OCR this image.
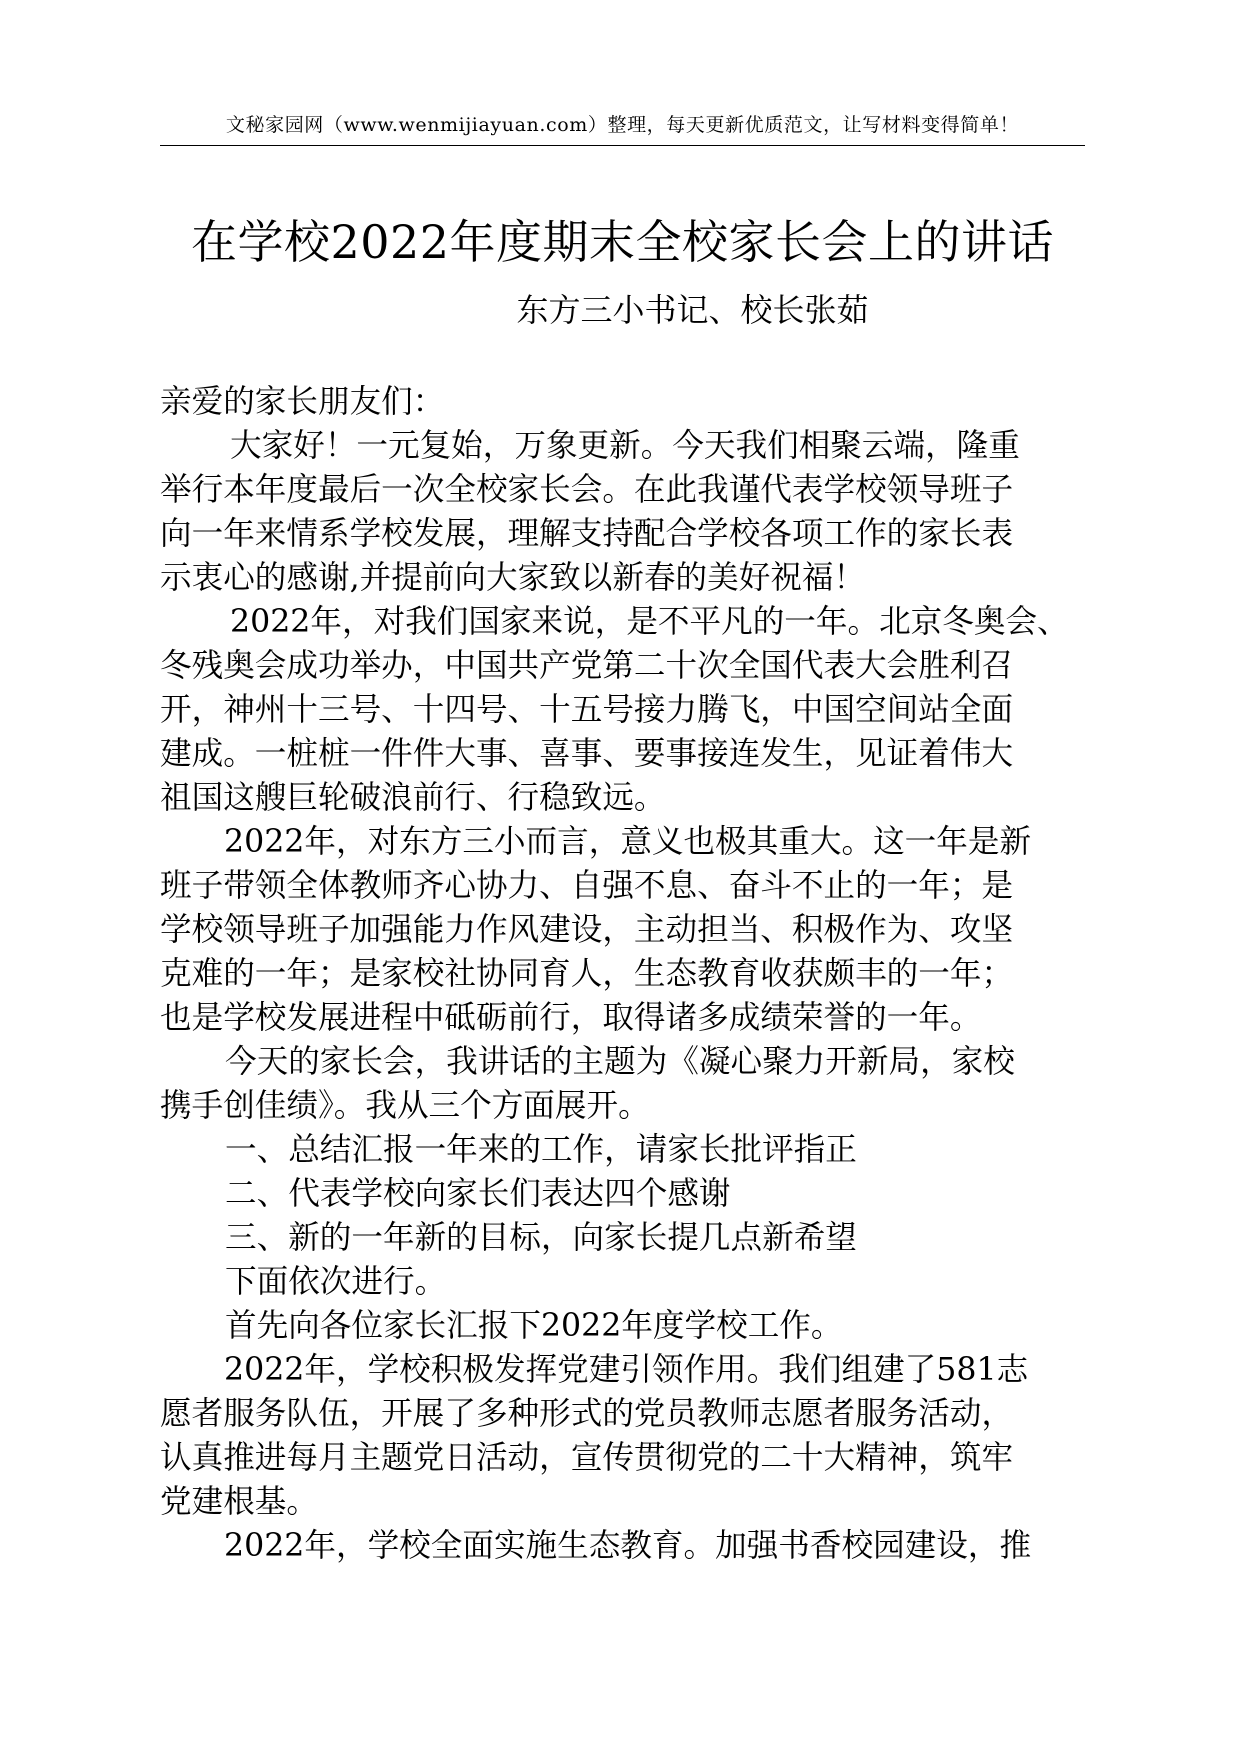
文秘家园网（www.wenmijiayuan.com）整理，每天更新优质范文，让写材料变得简单！
在学校2022年度期末全校家长会上的讲话
东方三小书记、校长张茹
亲爱的家长朋友们：
大家好！一元复始，万象更新。今天我们相聚云端，隆重
举行本年度最后一次全校家长会。在此我谨代表学校领导班子
向一年来情系学校发展，理解支持配合学校各项工作的家长表
示衷心的感谢,并提前向大家致以新春的美好祝福！
2022年，对我们国家来说，是不平凡的一年。北京冬奥会、
冬残奥会成功举办，中国共产党第二十次全国代表大会胜利召
开，神州十三号、十四号、十五号接力腾飞，中国空间站全面
建成。一桩桩一件件大事、喜事、要事接连发生，见证着伟大
祖国这艘巨轮破浪前行、行稳致远。
2022年，对东方三小而言，意义也极其重大。这一年是新
班子带领全体教师齐心协力、自强不息、奋斗不止的一年；是
学校领导班子加强能力作风建设，主动担当、积极作为、攻坚
克难的一年；是家校社协同育人，生态教育收获颇丰的一年；
也是学校发展进程中砥砺前行，取得诸多成绩荣誉的一年。
今天的家长会，我讲话的主题为《凝心聚力开新局，家校
携手创佳绩》。我从三个方面展开。
一、总结汇报一年来的工作，请家长批评指正
二、代表学校向家长们表达四个感谢
三、新的一年新的目标，向家长提几点新希望
下面依次进行。
首先向各位家长汇报下2022年度学校工作。
2022年，学校积极发挥党建引领作用。我们组建了581志
愿者服务队伍，开展了多种形式的党员教师志愿者服务活动，
认真推进每月主题党日活动，宣传贯彻党的二十大精神，筑牢
党建根基。
2022年，学校全面实施生态教育。加强书香校园建设，推
